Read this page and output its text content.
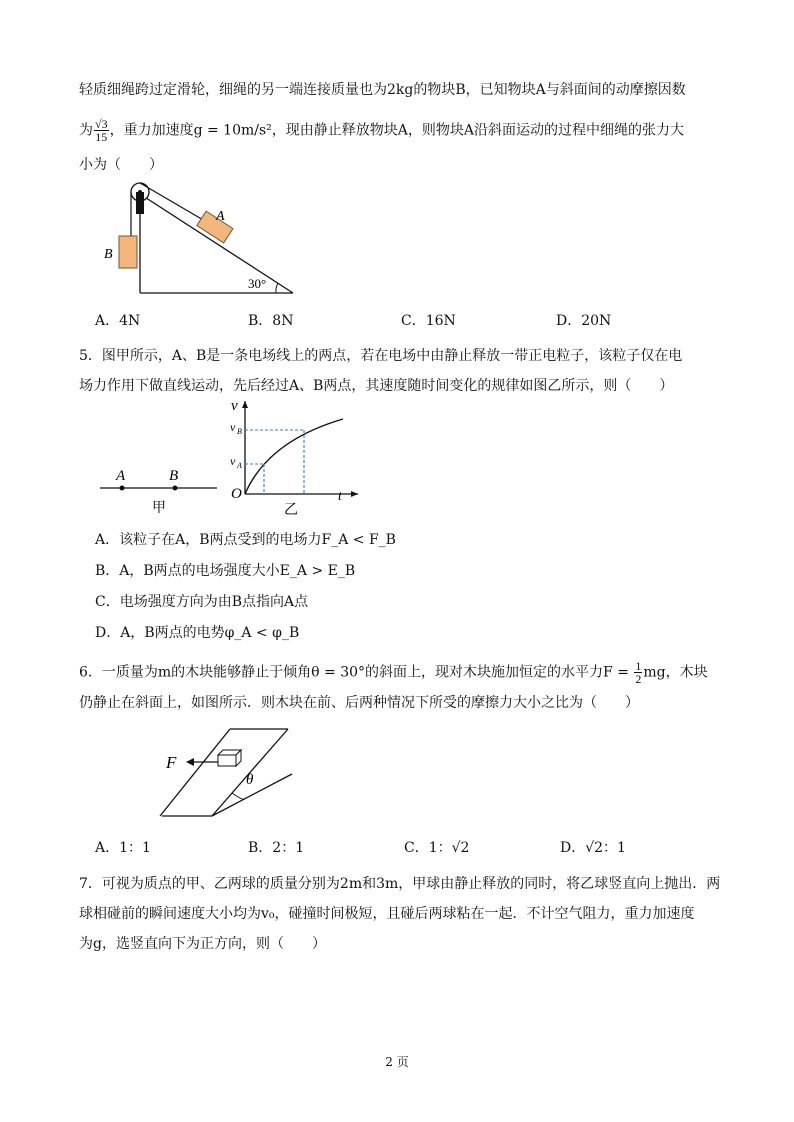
轻质细绳跨过定滑轮，细绳的另一端连接质量也为2kg的物块B，已知物块A与斜面间的动摩擦因数
为 $\frac{√3}{15}$ ，重力加速度g = 10m/s²，现由静止释放物块A，则物块A沿斜面运动的过程中细绳的张力大
小为（　　）
B
A
30°
A．4N	B．8N	C．16N	D．20N
5．图甲所示，A、B是一条电场线上的两点，若在电场中由静止释放一带正电粒子，该粒子仅在电
场力作用下做直线运动，先后经过A、B两点，其速度随时间变化的规律如图乙所示，则（　　）
A	B
甲
v
v B
v A
O	t
乙
A．该粒子在A，B两点受到的电场力F_A < F_B
B．A，B两点的电场强度大小E_A > E_B
C．电场强度方向为由B点指向A点
D．A，B两点的电势φ_A < φ_B
6．一质量为m的木块能够静止于倾角θ = 30°的斜面上，现对木块施加恒定的水平力$F = \frac{1}{2}$ mg，木块
仍静止在斜面上，如图所示．则木块在前、后两种情况下所受的摩擦力大小之比为（　　）
θ
F
A．1：1	B．2：1	C．1：√2	D．√2：1
7．可视为质点的甲、乙两球的质量分别为2m和3m，甲球由静止释放的同时，将乙球竖直向上抛出．两
球相碰前的瞬间速度大小均为v₀，碰撞时间极短，且碰后两球粘在一起．不计空气阻力，重力加速度
为g，选竖直向下为正方向，则（　　）
2 页
